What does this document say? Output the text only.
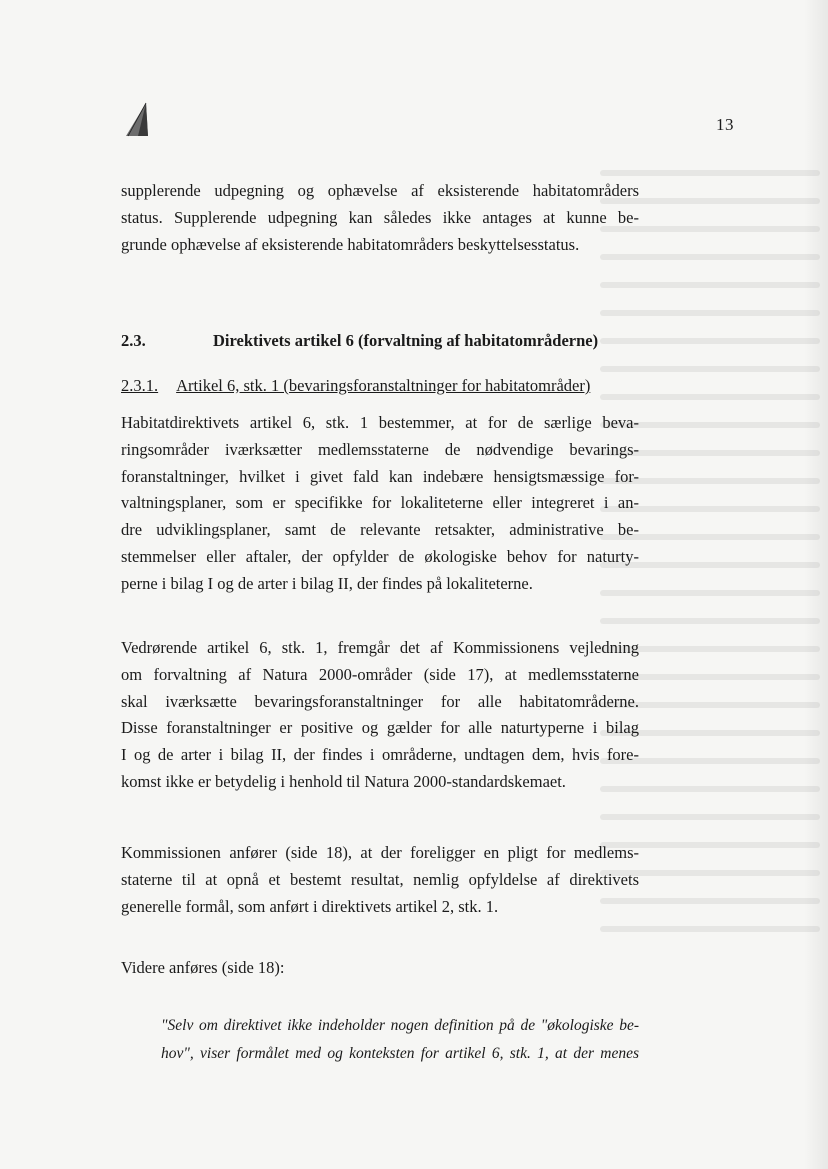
13

supplerende udpegning og ophævelse af eksisterende habitatområders
status. Supplerende udpegning kan således ikke antages at kunne be-
grunde ophævelse af eksisterende habitatområders beskyttelsesstatus.

2.3.	Direktivets artikel 6 (forvaltning af habitatområderne)
2.3.1. Artikel 6, stk. 1 (bevaringsforanstaltninger for habitatområder)

Habitatdirektivets artikel 6, stk. 1 bestemmer, at for de særlige beva-
ringsområder iværksætter medlemsstaterne de nødvendige bevarings-
foranstaltninger, hvilket i givet fald kan indebære hensigtsmæssige for-
valtningsplaner, som er specifikke for lokaliteterne eller integreret i an-
dre udviklingsplaner, samt de relevante retsakter, administrative be-
stemmelser eller aftaler, der opfylder de økologiske behov for naturty-
perne i bilag I og de arter i bilag II, der findes på lokaliteterne.

Vedrørende artikel 6, stk. 1, fremgår det af Kommissionens vejledning
om forvaltning af Natura 2000-områder (side 17), at medlemsstaterne
skal iværksætte bevaringsforanstaltninger for alle habitatområderne.
Disse foranstaltninger er positive og gælder for alle naturtyperne i bilag
I og de arter i bilag II, der findes i områderne, undtagen dem, hvis fore-
komst ikke er betydelig i henhold til Natura 2000-standardskemaet.

Kommissionen anfører (side 18), at der foreligger en pligt for medlems-
staterne til at opnå et bestemt resultat, nemlig opfyldelse af direktivets
generelle formål, som anført i direktivets artikel 2, stk. 1.

Videre anføres (side 18):

"Selv om direktivet ikke indeholder nogen definition på de "økologiske be-
hov", viser formålet med og konteksten for artikel 6, stk. 1, at der menes
